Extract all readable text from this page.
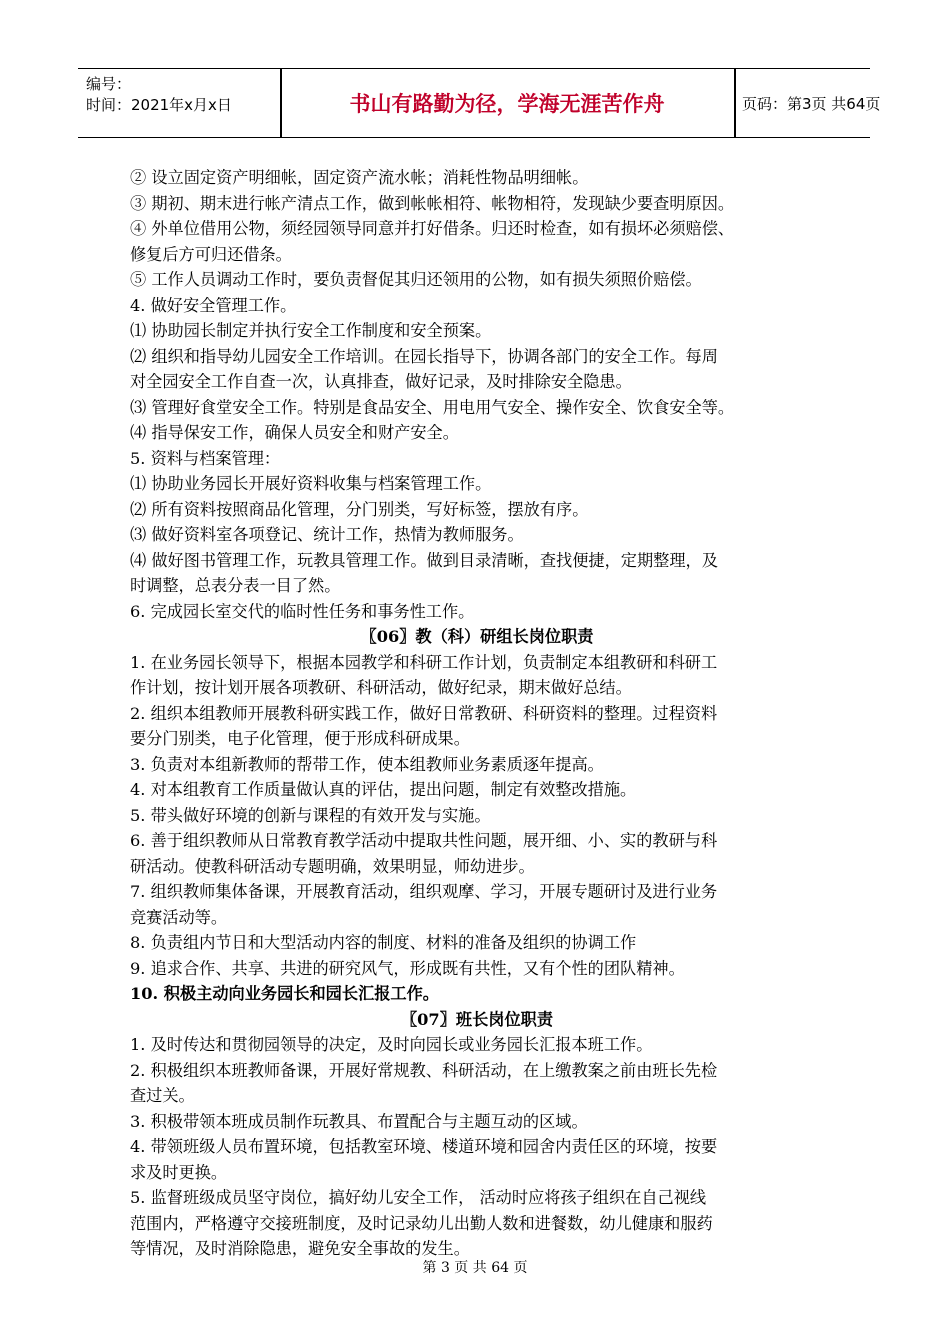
编号：
时间：2021年x月x日	书山有路勤为径，学海无涯苦作舟	页码：第3页 共64页
② 设立固定资产明细帐，固定资产流水帐；消耗性物品明细帐。
③ 期初、期末进行帐产清点工作，做到帐帐相符、帐物相符，发现缺少要查明原因。
④ 外单位借用公物，须经园领导同意并打好借条。归还时检查，如有损坏必须赔偿、
修复后方可归还借条。
⑤ 工作人员调动工作时，要负责督促其归还领用的公物，如有损失须照价赔偿。
4. 做好安全管理工作。
⑴ 协助园长制定并执行安全工作制度和安全预案。
⑵ 组织和指导幼儿园安全工作培训。在园长指导下，协调各部门的安全工作。每周
对全园安全工作自查一次，认真排查，做好记录，及时排除安全隐患。
⑶ 管理好食堂安全工作。特别是食品安全、用电用气安全、操作安全、饮食安全等。
⑷ 指导保安工作，确保人员安全和财产安全。
5. 资料与档案管理：
⑴ 协助业务园长开展好资料收集与档案管理工作。
⑵ 所有资料按照商品化管理，分门别类，写好标签，摆放有序。
⑶ 做好资料室各项登记、统计工作，热情为教师服务。
⑷ 做好图书管理工作，玩教具管理工作。做到目录清晰，查找便捷，定期整理，及
时调整，总表分表一目了然。
6. 完成园长室交代的临时性任务和事务性工作。
〖06〗教（科）研组长岗位职责
1. 在业务园长领导下，根据本园教学和科研工作计划，负责制定本组教研和科研工
作计划，按计划开展各项教研、科研活动，做好纪录，期末做好总结。
2. 组织本组教师开展教科研实践工作，做好日常教研、科研资料的整理。过程资料
要分门别类，电子化管理，便于形成科研成果。
3. 负责对本组新教师的帮带工作，使本组教师业务素质逐年提高。
4. 对本组教育工作质量做认真的评估，提出问题，制定有效整改措施。
5. 带头做好环境的创新与课程的有效开发与实施。
6. 善于组织教师从日常教育教学活动中提取共性问题，展开细、小、实的教研与科
研活动。使教科研活动专题明确，效果明显，师幼进步。
7. 组织教师集体备课，开展教育活动，组织观摩、学习，开展专题研讨及进行业务
竞赛活动等。
8. 负责组内节日和大型活动内容的制度、材料的准备及组织的协调工作
9. 追求合作、共享、共进的研究风气，形成既有共性，又有个性的团队精神。
10. 积极主动向业务园长和园长汇报工作。
〖07〗班长岗位职责
1. 及时传达和贯彻园领导的决定，及时向园长或业务园长汇报本班工作。
2. 积极组织本班教师备课，开展好常规教、科研活动，在上缴教案之前由班长先检
查过关。
3. 积极带领本班成员制作玩教具、布置配合与主题互动的区域。
4. 带领班级人员布置环境，包括教室环境、楼道环境和园舍内责任区的环境，按要
求及时更换。
5. 监督班级成员坚守岗位，搞好幼儿安全工作， 活动时应将孩子组织在自己视线
范围内，严格遵守交接班制度，及时记录幼儿出勤人数和进餐数，幼儿健康和服药
等情况，及时消除隐患，避免安全事故的发生。
第 3 页 共 64 页
